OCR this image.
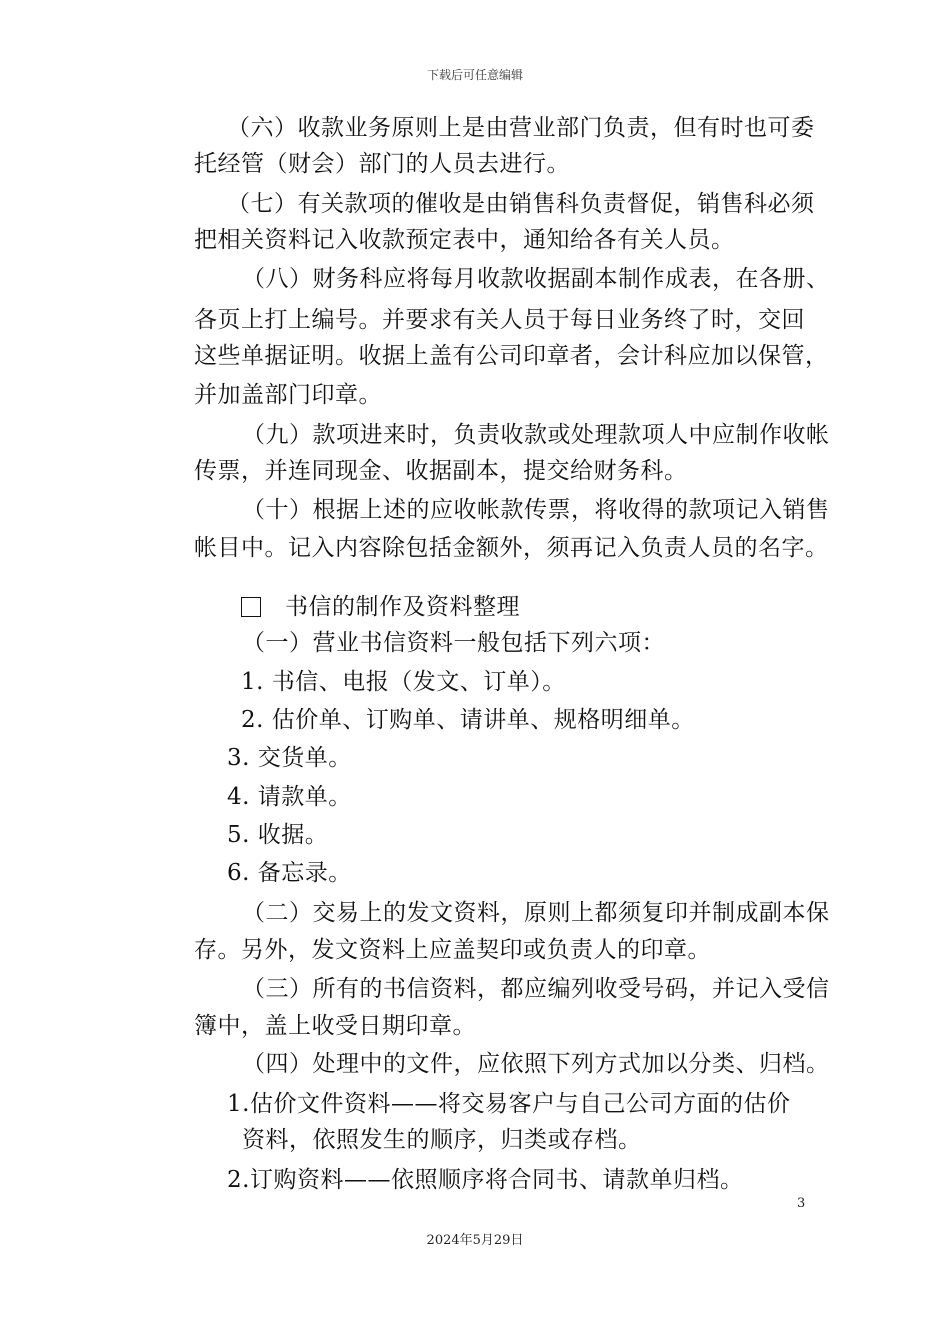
下载后可任意编辑
（六）收款业务原则上是由营业部门负责，但有时也可委
托经管（财会）部门的人员去进行。
（七）有关款项的催收是由销售科负责督促，销售科必须
把相关资料记入收款预定表中，通知给各有关人员。
（八）财务科应将每月收款收据副本制作成表，在各册、
各页上打上编号。并要求有关人员于每日业务终了时，交回
这些单据证明。收据上盖有公司印章者，会计科应加以保管，
并加盖部门印章。
（九）款项进来时，负责收款或处理款项人中应制作收帐
传票，并连同现金、收据副本，提交给财务科。
（十）根据上述的应收帐款传票，将收得的款项记入销售
帐目中。记入内容除包括金额外，须再记入负责人员的名字。
书信的制作及资料整理
（一）营业书信资料一般包括下列六项：
1. 书信、电报（发文、订单）。
2. 估价单、订购单、请讲单、规格明细单。
3. 交货单。
4. 请款单。
5. 收据。
6. 备忘录。
（二）交易上的发文资料，原则上都须复印并制成副本保
存。另外，发文资料上应盖契印或负责人的印章。
（三）所有的书信资料，都应编列收受号码，并记入受信
簿中，盖上收受日期印章。
（四）处理中的文件，应依照下列方式加以分类、归档。
1.估价文件资料——将交易客户与自己公司方面的估价
资料，依照发生的顺序，归类或存档。
2.订购资料——依照顺序将合同书、请款单归档。
3
2024年5月29日
